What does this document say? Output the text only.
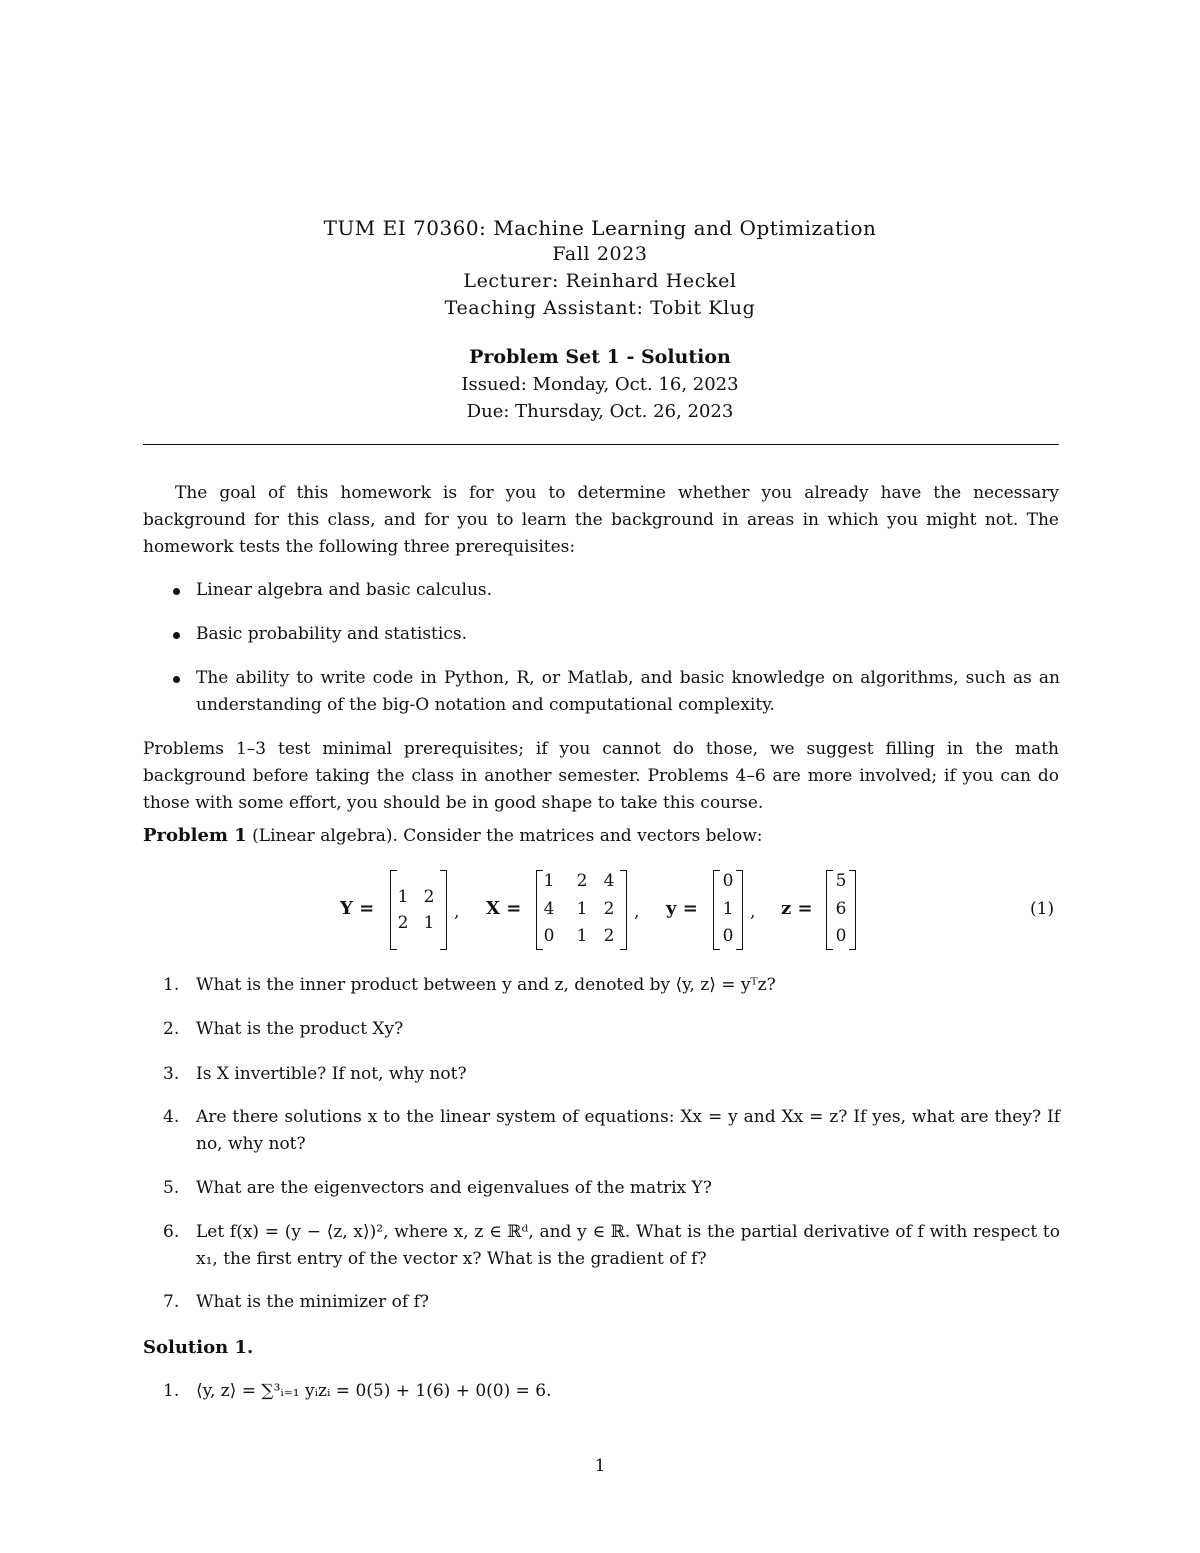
TUM EI 70360: Machine Learning and Optimization
Fall 2023
Lecturer: Reinhard Heckel
Teaching Assistant: Tobit Klug
Problem Set 1 - Solution
Issued: Monday, Oct. 16, 2023
Due: Thursday, Oct. 26, 2023
The goal of this homework is for you to determine whether you already have the necessary background for this class, and for you to learn the background in areas in which you might not. The homework tests the following three prerequisites:
Linear algebra and basic calculus.
Basic probability and statistics.
The ability to write code in Python, R, or Matlab, and basic knowledge on algorithms, such as an understanding of the big-O notation and computational complexity.
Problems 1–3 test minimal prerequisites; if you cannot do those, we suggest filling in the math background before taking the class in another semester. Problems 4–6 are more involved; if you can do those with some effort, you should be in good shape to take this course.
Problem 1 (Linear algebra). Consider the matrices and vectors below:
Y =
1 2
2 1
, X =
1 2 4
4 1 2
0 1 2
, y =
0
1
0
, z =
5
6
0
(1)
1. What is the inner product between y and z, denoted by ⟨y, z⟩ = yᵀz?
2. What is the product Xy?
3. Is X invertible? If not, why not?
4. Are there solutions x to the linear system of equations: Xx = y and Xx = z? If yes, what are they? If no, why not?
5. What are the eigenvectors and eigenvalues of the matrix Y?
6. Let f(x) = (y − ⟨z, x⟩)², where x, z ∈ ℝᵈ, and y ∈ ℝ. What is the partial derivative of f with respect to x₁, the first entry of the vector x? What is the gradient of f?
7. What is the minimizer of f?
Solution 1.
1. ⟨y, z⟩ = ∑³ᵢ₌₁ yᵢzᵢ = 0(5) + 1(6) + 0(0) = 6.
1
